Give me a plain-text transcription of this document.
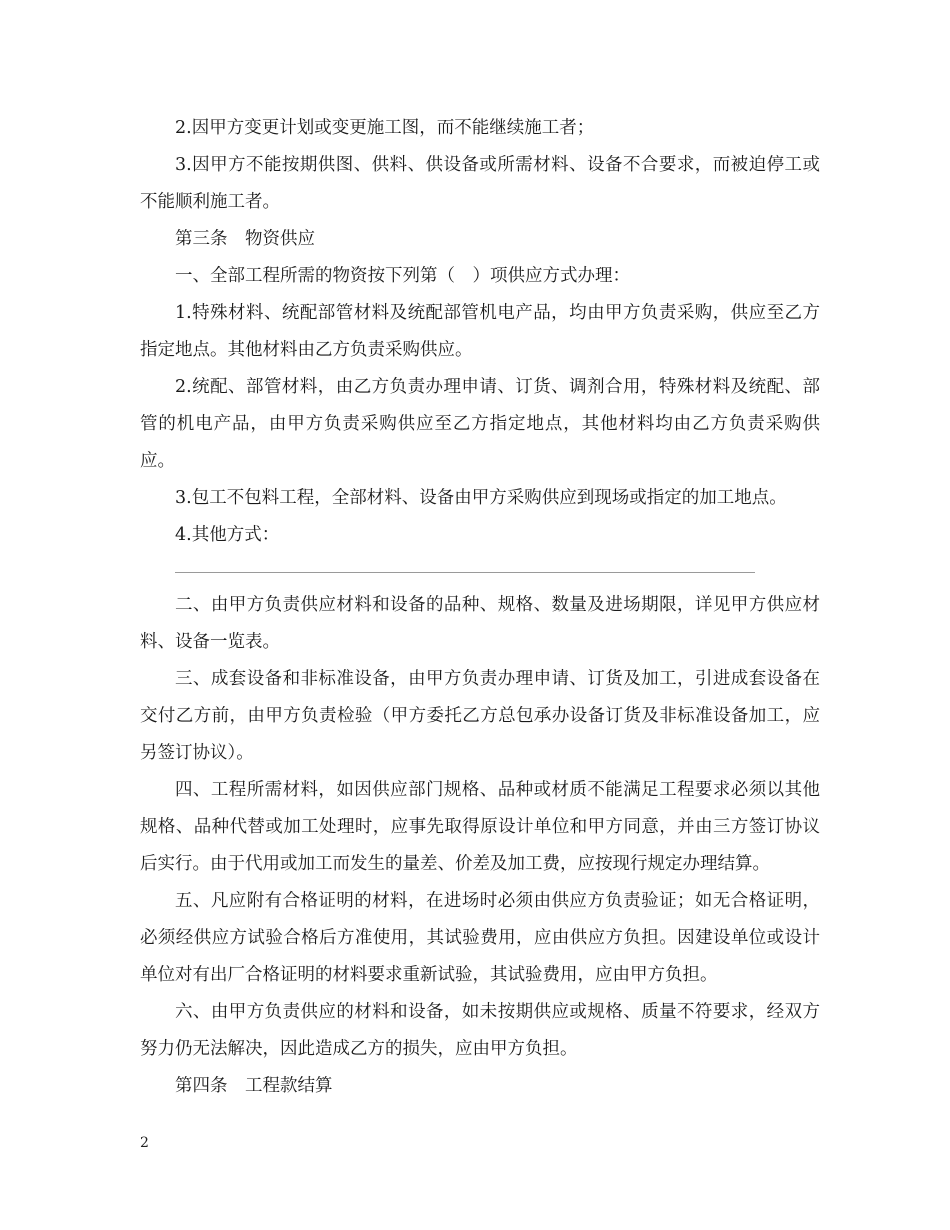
2.因甲方变更计划或变更施工图，而不能继续施工者；

3.因甲方不能按期供图、供料、供设备或所需材料、设备不合要求，而被迫停工或不能顺利施工者。

第三条　物资供应

一、全部工程所需的物资按下列第（　）项供应方式办理：

1.特殊材料、统配部管材料及统配部管机电产品，均由甲方负责采购，供应至乙方指定地点。其他材料由乙方负责采购供应。

2.统配、部管材料，由乙方负责办理申请、订货、调剂合用，特殊材料及统配、部管的机电产品，由甲方负责采购供应至乙方指定地点，其他材料均由乙方负责采购供应。

3.包工不包料工程，全部材料、设备由甲方采购供应到现场或指定的加工地点。

4.其他方式：

二、由甲方负责供应材料和设备的品种、规格、数量及进场期限，详见甲方供应材料、设备一览表。

三、成套设备和非标准设备，由甲方负责办理申请、订货及加工，引进成套设备在交付乙方前，由甲方负责检验（甲方委托乙方总包承办设备订货及非标准设备加工，应另签订协议）。

四、工程所需材料，如因供应部门规格、品种或材质不能满足工程要求必须以其他规格、品种代替或加工处理时，应事先取得原设计单位和甲方同意，并由三方签订协议后实行。由于代用或加工而发生的量差、价差及加工费，应按现行规定办理结算。

五、凡应附有合格证明的材料，在进场时必须由供应方负责验证；如无合格证明，必须经供应方试验合格后方准使用，其试验费用，应由供应方负担。因建设单位或设计单位对有出厂合格证明的材料要求重新试验，其试验费用，应由甲方负担。

六、由甲方负责供应的材料和设备，如未按期供应或规格、质量不符要求，经双方努力仍无法解决，因此造成乙方的损失，应由甲方负担。

第四条　工程款结算

2
